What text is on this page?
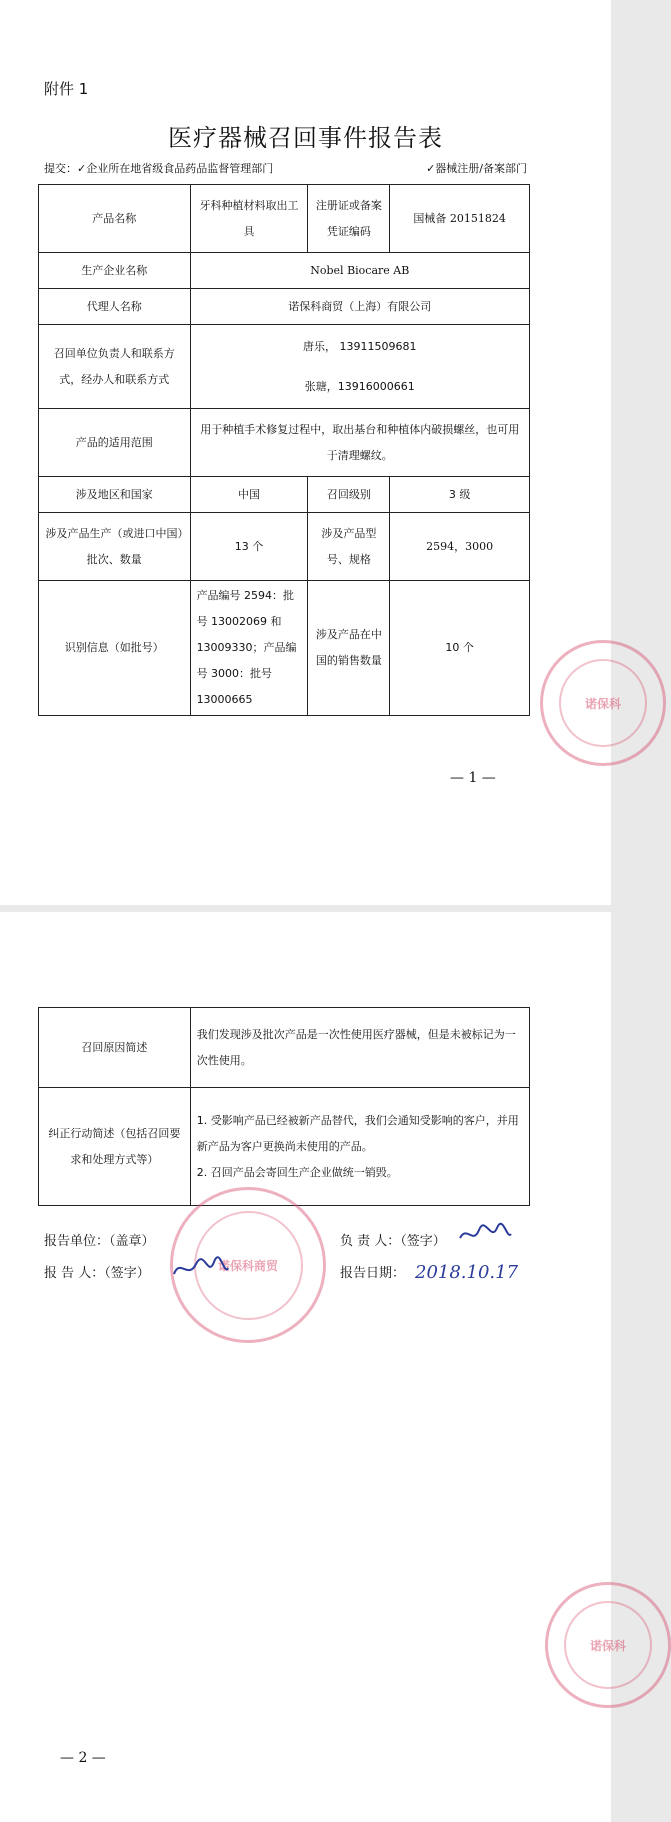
附件 1
医疗器械召回事件报告表
提交：✓企业所在地省级食品药品监督管理部门	✓器械注册/备案部门
产品名称	牙科种植材料取出工具	注册证或备案凭证编码	国械备 20151824
生产企业名称	Nobel Biocare AB		
代理人名称	诺保科商贸（上海）有限公司		
召回单位负责人和联系方式，经办人和联系方式	唐乐， 13911509681
张瑭，13916000661		

产品的适用范围	用于种植手术修复过程中，取出基台和种植体内破损螺丝，也可用于清理螺纹。		
涉及地区和国家	中国	召回级别	3 级
涉及产品生产（或进口中国）批次、数量	13 个	涉及产品型号、规格	2594，3000
识别信息（如批号）	产品编号 2594：批号 13002069 和 13009330；产品编号 3000：批号 13000665	涉及产品在中国的销售数量	10 个
诺保科
— 1 —
召回原因简述	我们发现涉及批次产品是一次性使用医疗器械，但是未被标记为一次性使用。
纠正行动简述（包括召回要求和处理方式等）	1. 受影响产品已经被新产品替代，我们会通知受影响的客户，并用新产品为客户更换尚未使用的产品。
2. 召回产品会寄回生产企业做统一销毁。
诺保科商贸
报告单位：（盖章）	负 责 人：（签字）
报 告 人：（签字）	报告日期： 2018.10.17
诺保科
— 2 —
